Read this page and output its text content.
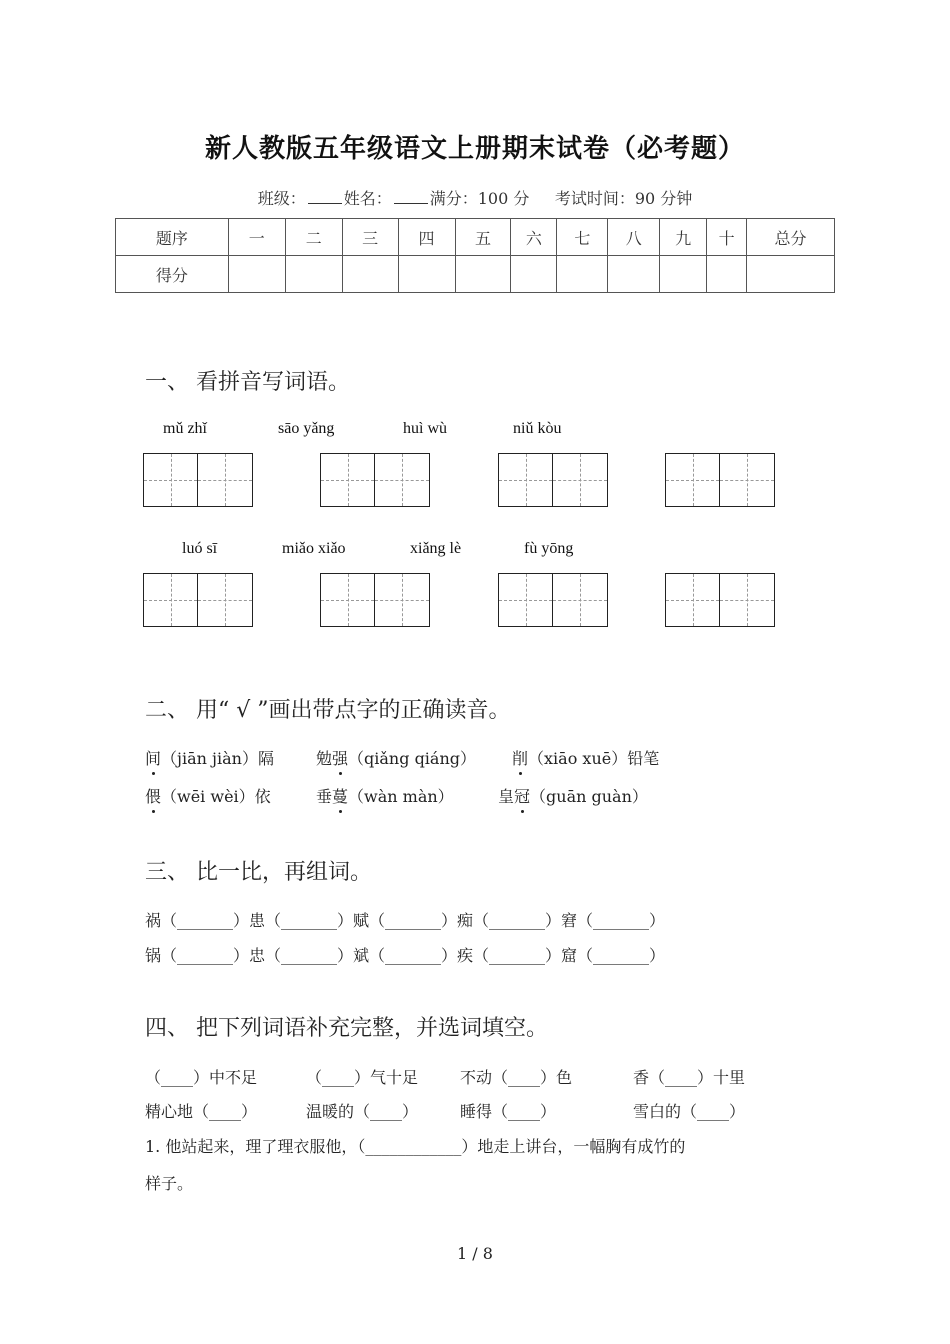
新人教版五年级语文上册期末试卷（必考题）
班级： 姓名： 满分：100 分 考试时间：90 分钟
题序	一	二	三	四	五	六	七	八	九	十	总分
得分											
一、 看拼音写词语。
mǔ zhǐ	sāo yǎng	huì wù	niǔ kòu
luó sī	miǎo xiǎo	xiǎng lè	fù yōng
二、 用“ √ ”画出带点字的正确读音。
间（jiān jiàn）隔	勉强（qiǎng qiáng） 削（xiāo xuē）铅笔
偎（wēi wèi）依	垂蔓（wàn màn）	皇冠（guān guàn）
三、 比一比，再组词。
祸（_______）患（_______）赋（_______）痴（_______）窘（_______）
锅（_______）忠（_______）斌（_______）疾（_______）窟（_______）
四、 把下列词语补充完整，并选词填空。
（____）中不足	（____）气十足	不动（____）色	香（____）十里
精心地（____）	温暖的（____）	睡得（____）	雪白的（____）
1. 他站起来，理了理衣服他，（____________）地走上讲台，一幅胸有成竹的
样子。
1 / 8
